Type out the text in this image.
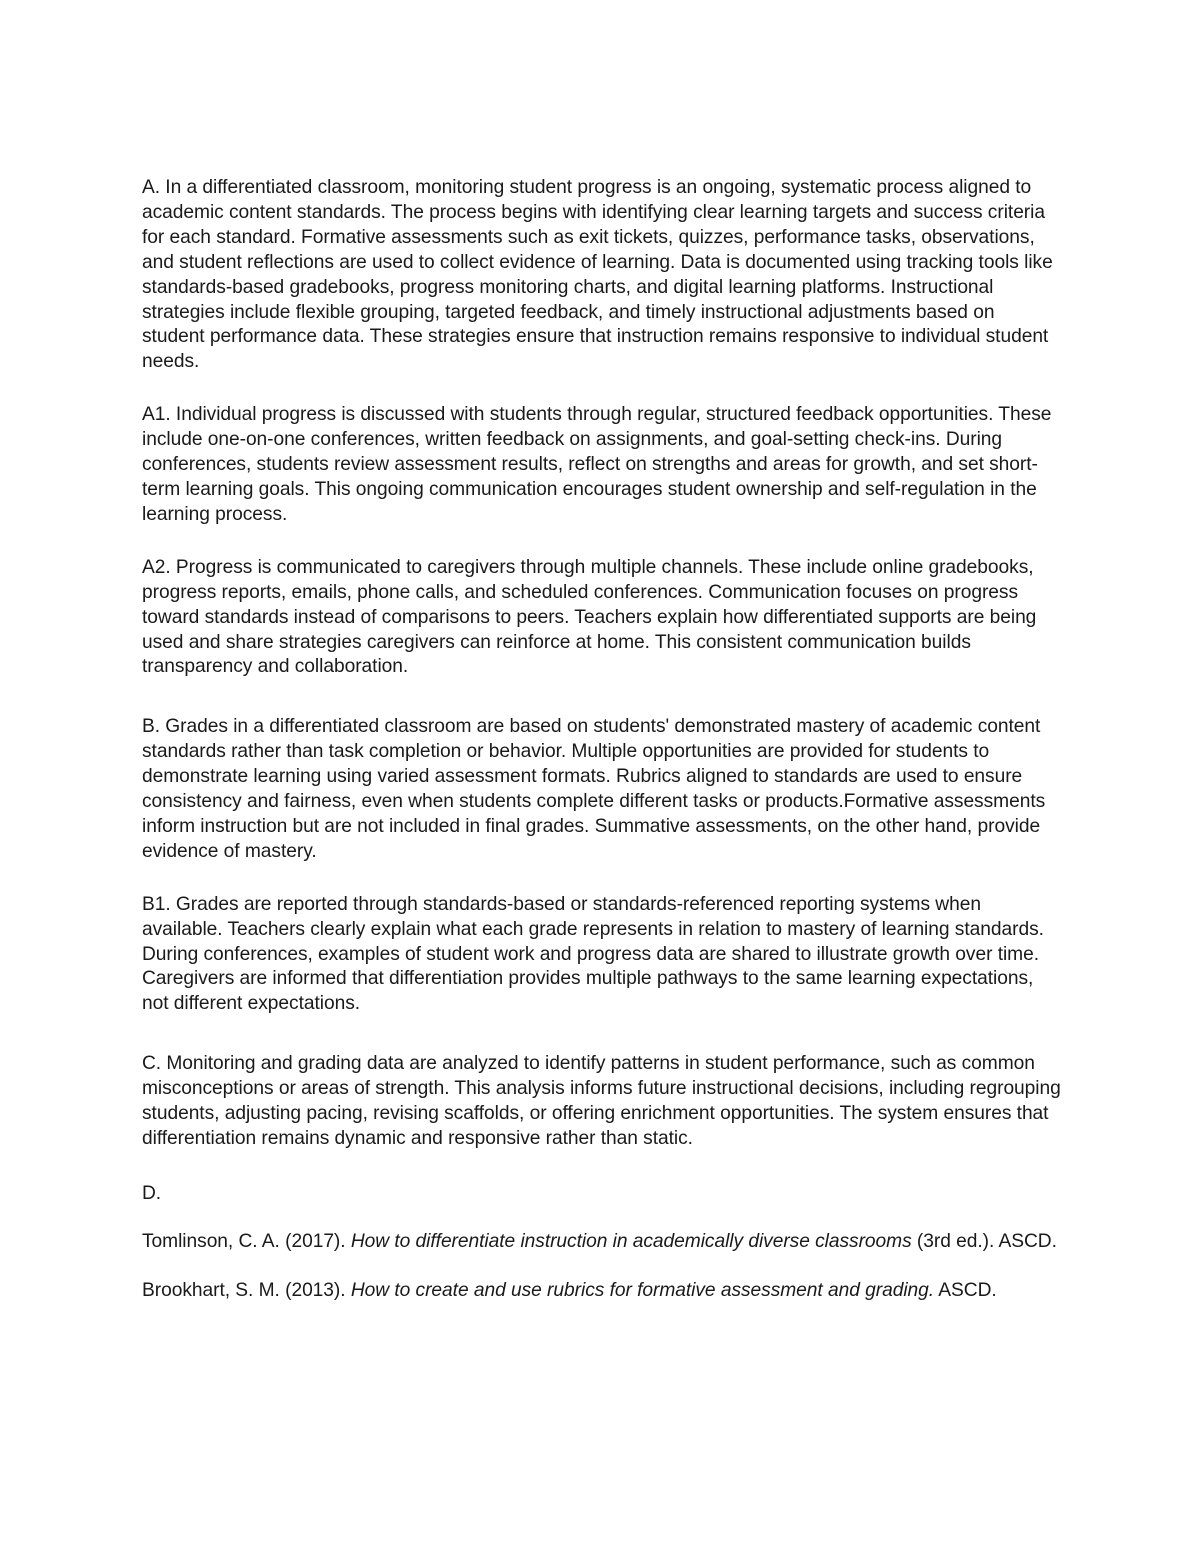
A. In a differentiated classroom, monitoring student progress is an ongoing, systematic process aligned to academic content standards. The process begins with identifying clear learning targets and success criteria for each standard. Formative assessments such as exit tickets, quizzes, performance tasks, observations, and student reflections are used to collect evidence of learning. Data is documented using tracking tools like standards-based gradebooks, progress monitoring charts, and digital learning platforms. Instructional strategies include flexible grouping, targeted feedback, and timely instructional adjustments based on student performance data. These strategies ensure that instruction remains responsive to individual student needs.

A1. Individual progress is discussed with students through regular, structured feedback opportunities. These include one-on-one conferences, written feedback on assignments, and goal-setting check-ins. During conferences, students review assessment results, reflect on strengths and areas for growth, and set short-term learning goals. This ongoing communication encourages student ownership and self-regulation in the learning process.

A2. Progress is communicated to caregivers through multiple channels. These include online gradebooks, progress reports, emails, phone calls, and scheduled conferences. Communication focuses on progress toward standards instead of comparisons to peers. Teachers explain how differentiated supports are being used and share strategies caregivers can reinforce at home. This consistent communication builds transparency and collaboration.

B. Grades in a differentiated classroom are based on students' demonstrated mastery of academic content standards rather than task completion or behavior. Multiple opportunities are provided for students to demonstrate learning using varied assessment formats. Rubrics aligned to standards are used to ensure consistency and fairness, even when students complete different tasks or products.Formative assessments inform instruction but are not included in final grades. Summative assessments, on the other hand, provide evidence of mastery.

B1. Grades are reported through standards-based or standards-referenced reporting systems when available. Teachers clearly explain what each grade represents in relation to mastery of learning standards. During conferences, examples of student work and progress data are shared to illustrate growth over time. Caregivers are informed that differentiation provides multiple pathways to the same learning expectations, not different expectations.

C. Monitoring and grading data are analyzed to identify patterns in student performance, such as common misconceptions or areas of strength. This analysis informs future instructional decisions, including regrouping students, adjusting pacing, revising scaffolds, or offering enrichment opportunities. The system ensures that differentiation remains dynamic and responsive rather than static.

D.

Tomlinson, C. A. (2017). How to differentiate instruction in academically diverse classrooms (3rd ed.). ASCD.

Brookhart, S. M. (2013). How to create and use rubrics for formative assessment and grading. ASCD.
